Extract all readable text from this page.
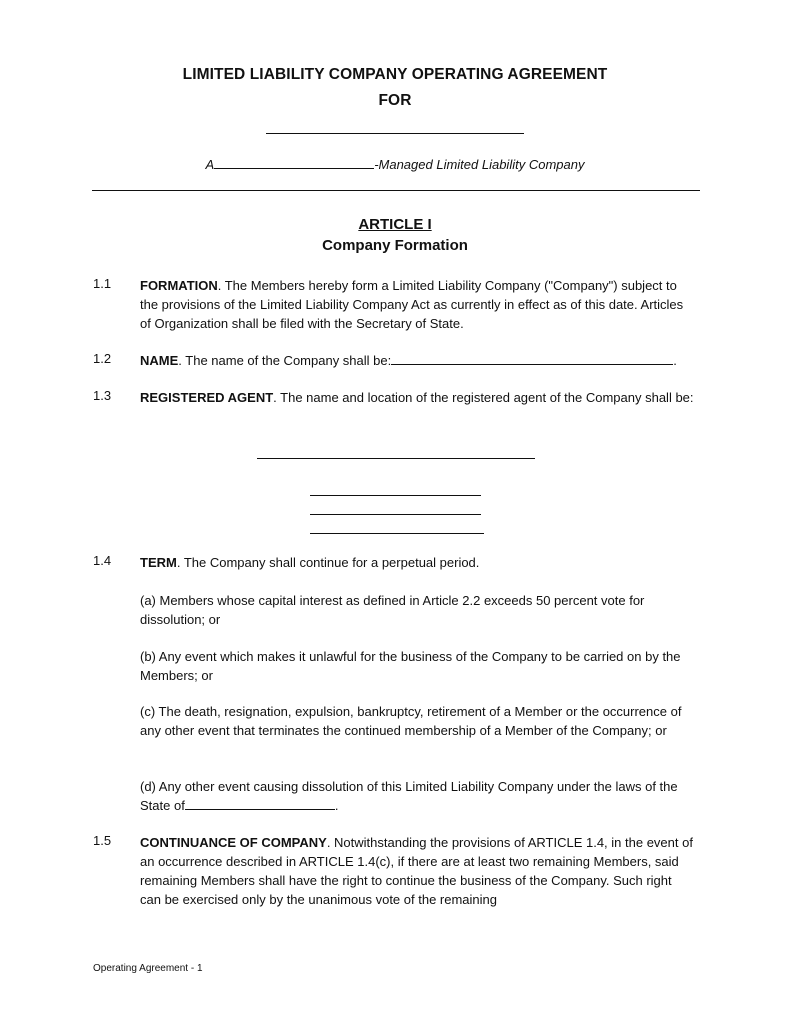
LIMITED LIABILITY COMPANY OPERATING AGREEMENT
FOR
A	-Managed Limited Liability Company
ARTICLE I
Company Formation
1.1 FORMATION. The Members hereby form a Limited Liability Company ("Company") subject to the provisions of the Limited Liability Company Act as currently in effect as of this date. Articles of Organization shall be filed with the Secretary of State.
1.2 NAME. The name of the Company shall be:	.
1.3 REGISTERED AGENT. The name and location of the registered agent of the Company shall be:
1.4 TERM. The Company shall continue for a perpetual period.
(a) Members whose capital interest as defined in Article 2.2 exceeds 50 percent vote for dissolution; or
(b) Any event which makes it unlawful for the business of the Company to be carried on by the Members; or
(c) The death, resignation, expulsion, bankruptcy, retirement of a Member or the occurrence of any other event that terminates the continued membership of a Member of the Company; or
(d) Any other event causing dissolution of this Limited Liability Company under the laws of the State of	.
1.5 CONTINUANCE OF COMPANY. Notwithstanding the provisions of ARTICLE 1.4, in the event of an occurrence described in ARTICLE 1.4(c), if there are at least two remaining Members, said remaining Members shall have the right to continue the business of the Company. Such right can be exercised only by the unanimous vote of the remaining
Operating Agreement - 1
